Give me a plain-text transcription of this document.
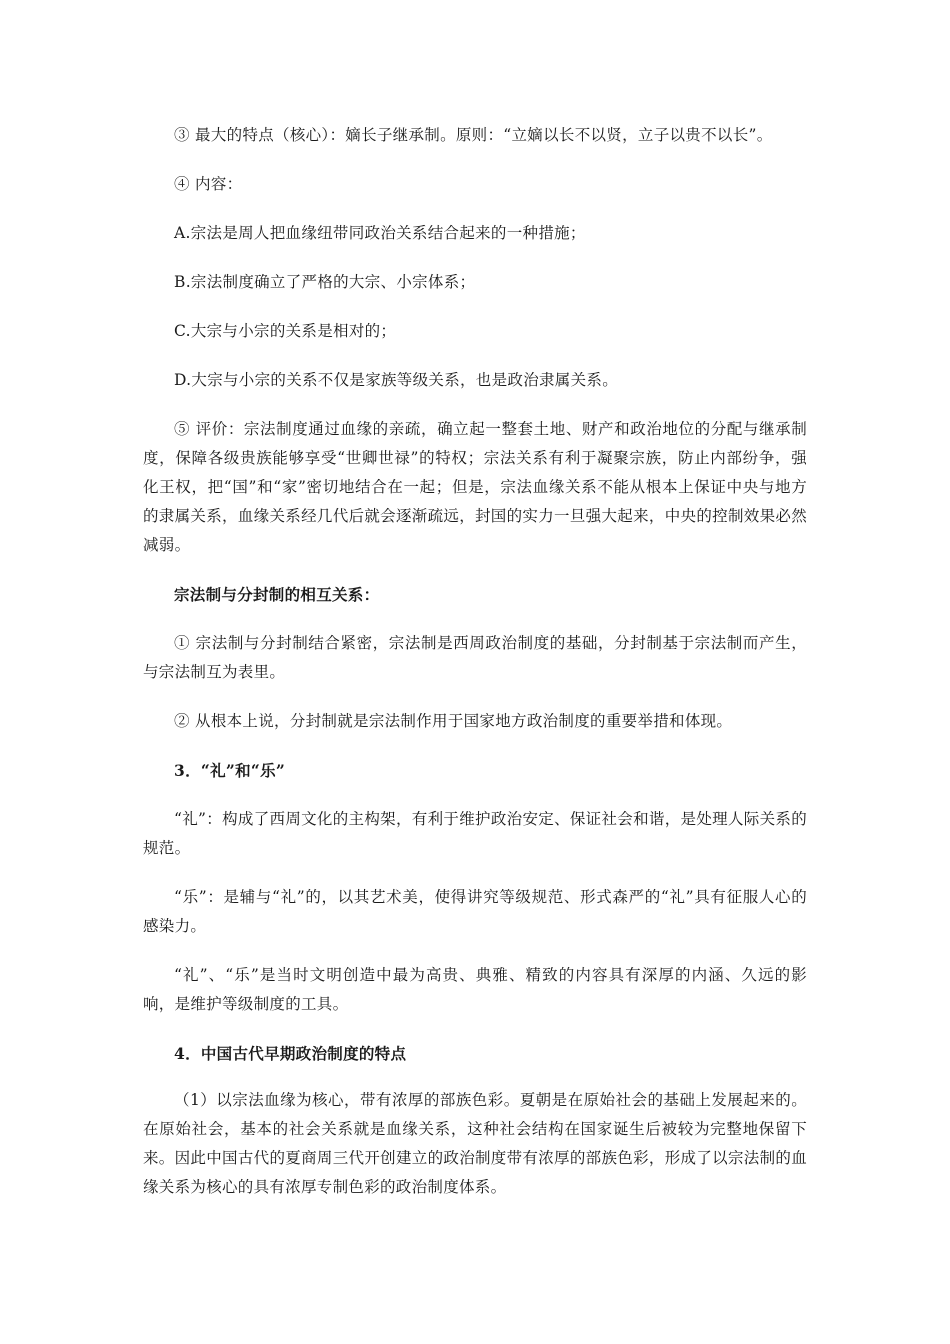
③ 最大的特点（核心）：嫡长子继承制。原则：“立嫡以长不以贤，立子以贵不以长”。

④ 内容：

A.宗法是周人把血缘纽带同政治关系结合起来的一种措施；

B.宗法制度确立了严格的大宗、小宗体系；

C.大宗与小宗的关系是相对的；

D.大宗与小宗的关系不仅是家族等级关系，也是政治隶属关系。

⑤ 评价：宗法制度通过血缘的亲疏，确立起一整套土地、财产和政治地位的分配与继承制度，保障各级贵族能够享受“世卿世禄”的特权；宗法关系有利于凝聚宗族，防止内部纷争，强化王权，把“国”和“家”密切地结合在一起；但是，宗法血缘关系不能从根本上保证中央与地方的隶属关系，血缘关系经几代后就会逐渐疏远，封国的实力一旦强大起来，中央的控制效果必然减弱。

宗法制与分封制的相互关系：

① 宗法制与分封制结合紧密，宗法制是西周政治制度的基础，分封制基于宗法制而产生，与宗法制互为表里。

② 从根本上说，分封制就是宗法制作用于国家地方政治制度的重要举措和体现。

3．“礼”和“乐”

“礼”：构成了西周文化的主构架，有利于维护政治安定、保证社会和谐，是处理人际关系的规范。

“乐”：是辅与“礼”的，以其艺术美，使得讲究等级规范、形式森严的“礼”具有征服人心的感染力。

“礼”、“乐”是当时文明创造中最为高贵、典雅、精致的内容具有深厚的内涵、久远的影响，是维护等级制度的工具。

4．中国古代早期政治制度的特点

（1）以宗法血缘为核心，带有浓厚的部族色彩。夏朝是在原始社会的基础上发展起来的。在原始社会，基本的社会关系就是血缘关系，这种社会结构在国家诞生后被较为完整地保留下来。因此中国古代的夏商周三代开创建立的政治制度带有浓厚的部族色彩，形成了以宗法制的血缘关系为核心的具有浓厚专制色彩的政治制度体系。
